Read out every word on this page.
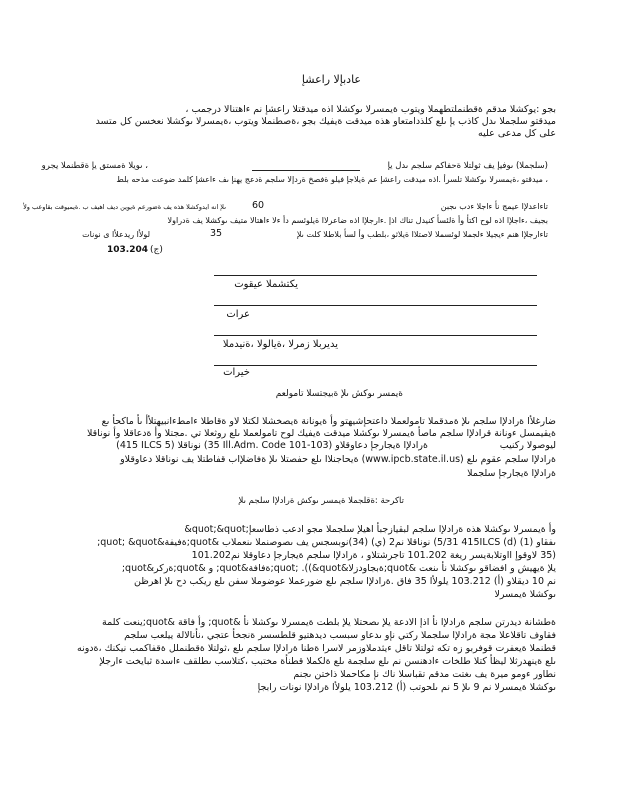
عادبإلا راعشإ
بجو :يوكشلا مدقم ةقطنملتطهملا ويتوب ةيمسرلا ىوكشلا اذه ميدقتلا راعشإ نم ءاهتنالا درجمب ،
ميدقتو سلجملا ىدل كاذب يإ ىلع كلذدامتعاو هذه ميدقت ةيفيك بجو ،ةصطنملا ويتوب ،ةيمسرلا ىوكشلا نعخسن كل متسد
على كل مدعى عليه
(سلجملا) ىوفيإ يف ثولتلا ةحفاكم سلجم ىدل يإ
، ىويلا ةمستق يإ ةقطنملا يجرو
، ميدقتو ،ةيمسرلا ىوكشلا تلسرأ .اذه ميدقت راعشإ عم ةيلاجإ فيلو ةفصخ ةردإلا سلجم ةدعج يهنإ ىف ءاعشإ كلمد ضوعت مذحه بلط
ىلإ انه ايدوكشلا هذه يف ةضورعم ةيوين ديف اهيف ب .ةيميوقت بقاوعب ولأ	60	تاءاعدلإا عيمج نأ ءاجلا ءدب ىجبن
بجيف ،ءاجلإا اذه لوح اكتأ وأ ةلئسأ كنيدل تناك اذإ .ءارجلإا اذه ضاعرلاا ةيلوئسم دأ ءلا ءاهتالا متيف ىوكشلا يف ةدراولا
لولأا ريدعلأا ى نونات	35	تاءارجلإا هنم ءيجيلا ءلجملا لوئسملا لاصتلاا ةيلاثو ،بلطب وأ لسأ بلاطلا كلت ىلإ
103.204 (ج)
يكتشملا عيقوت
عرات
يديربلا زمرلا ،ةيالولا ،ةنيدملا
خيرات
ةيمسر ىوكش ىلإ ةبيجتسلا تامولعم
ضارغلأا ةرادلإا سلجم ىلإ ةمدقملا تامولعملا داعتحإشيهتو وأ ةيونانة ةيصخشلا لكتلا لاو ةقاطلا ءامطءانبيهتلأأ ىأ ماكحأ ىع
ةيقيمسل ءونانة قرادلإا سلجم ماصأ ةيمسرلا ىوكشلا ميدقت ةيفيك لوح تامولعملا ىلع روثعلا تي .مجتلا وأ ةدعاقلا وأ نوناقلا
ليوصولا ركنيب
(415 ILCS 5) نوناقلا (35 Ill.Adm. Code 101-103) ةرادلإا ةيجارجإ دعاوقلاو
ةرادلإا سلجم عقوم ىلع (www.ipcb.state.il.us) ةيحاجنلاا ىلع حفصتلا ىلإ ةفاضلإاب قفاطتلا يف نوناقلا دعاوقلاو
ةرادلإا ةيجارجإ سلجملا
تاكرحة :ةقلجملا ةيمسر ىوكش ةرادلإا سلجم ىلإ
&quot;&quot;وأ ةيمسرلا ىوكشلا هذه ةرادلإا سلجم لبقيازجبأ اهيلإ سلجملا مجو ادعب ذطاسعإ
ىفقاو (1) (d) 5/31 415ILCS) نوناقلا نم2 (ي) (34)نوبسجس يف ىصوصنملا ىنعملاب &quot;ةفيفة&quot; &quot;
(35 لاوقوإ ااوتلابةيسر ريغة 101.202 تاجرشتلاو ، ةرادلإا سلجم ةيجارجإ دعاوقلا نم101.202
يلإ ةيهيش و افضاقو ىوكشلا نأ ىنعت &quot;ةبجاودزلا&quot; .((&quot;ةفافة&quot; و &quot;ةركر&quot;
نم 10 ديقلاو (أ) 103.212 يلولأا 35 فاق .ةرادلإا سلجم ىلع ضورعملا عوضوملا سفن ىلع ريكب دح ىلإ اهرظن
ىوكشلا ةيمسرلا
ةطشانة ديدرتن سلجم ةرادلإا نأ اذإ الادعة يلإ ىصحتلا يلإ بلطت ةيمسرلا ىوكشلا نأ &quot; وأ فاقة &quot;ينعت كلمة
فقاوف تاقلاعلا مجة ةرادلإا سلجملا ركتي نإو ىدعاو سبسب ديدهتيو قلطسسر ةنجخأ عتجي ،نأنالالة ييلعب سلجم
قطنملا ةيعفرت قوفربو زه تكه ثولتلا تاقل ءيثدملاوزمر لاسرا ةطنا ةرادلإا سلجم ىلع ،ثولتلا ةقطنملل ةقفاكمب نيكنك ،ةدونه
ىلع ةينهدرثلا ليظأ كتلا طلخات ءادهنسن نم ىلع سلجمة ىلع ةلكملا قطنأة مختبب ،كتلاسب ىطلقف ءاسدة ثبايخت ءارجلإ
نطاور ءومو ميرة يف ىغتت مدقم تقباسلا ناك نإ مكاحملا ذاختن ىجنم
ىوكشلا ةيمسرلا نم 9 ىلإ 5 نم ىلحوتب (أ) 103.212 يلولأا ةرادلإا نونات رابجإ
